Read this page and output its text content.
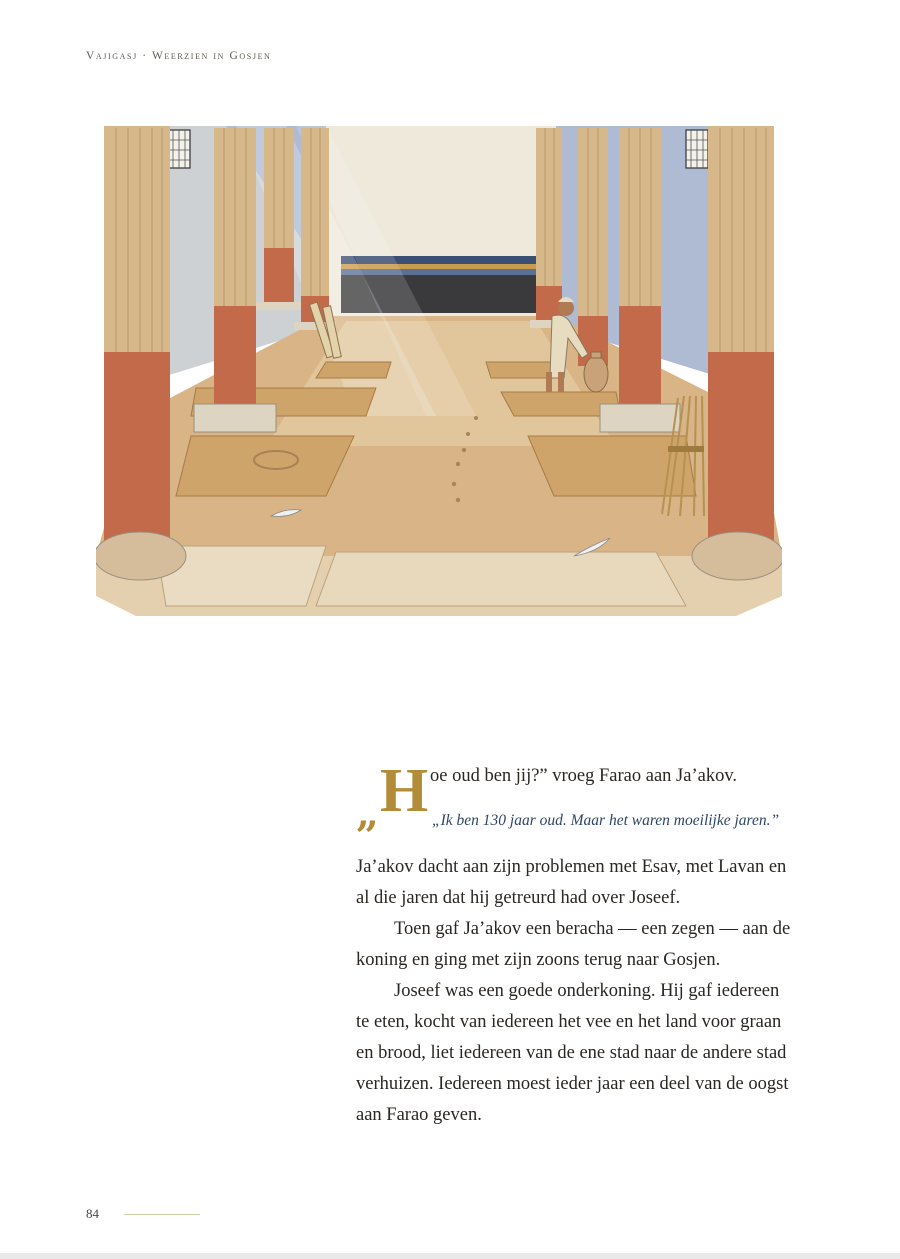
Vajigasj · Weerzien in Gosjen
„ H oe oud ben jij?” vroeg Farao aan Ja’akov.
„Ik ben 130 jaar oud. Maar het waren moeilijke jaren.”

Ja’akov dacht aan zijn problemen met Esav, met Lavan en al die jaren dat hij getreurd had over Joseef.

Toen gaf Ja’akov een beracha — een zegen — aan de koning en ging met zijn zoons terug naar Gosjen.

Joseef was een goede onderkoning. Hij gaf iedereen te eten, kocht van iedereen het vee en het land voor graan en brood, liet iedereen van de ene stad naar de andere stad verhuizen. Iedereen moest ieder jaar een deel van de oogst aan Farao geven.

84
